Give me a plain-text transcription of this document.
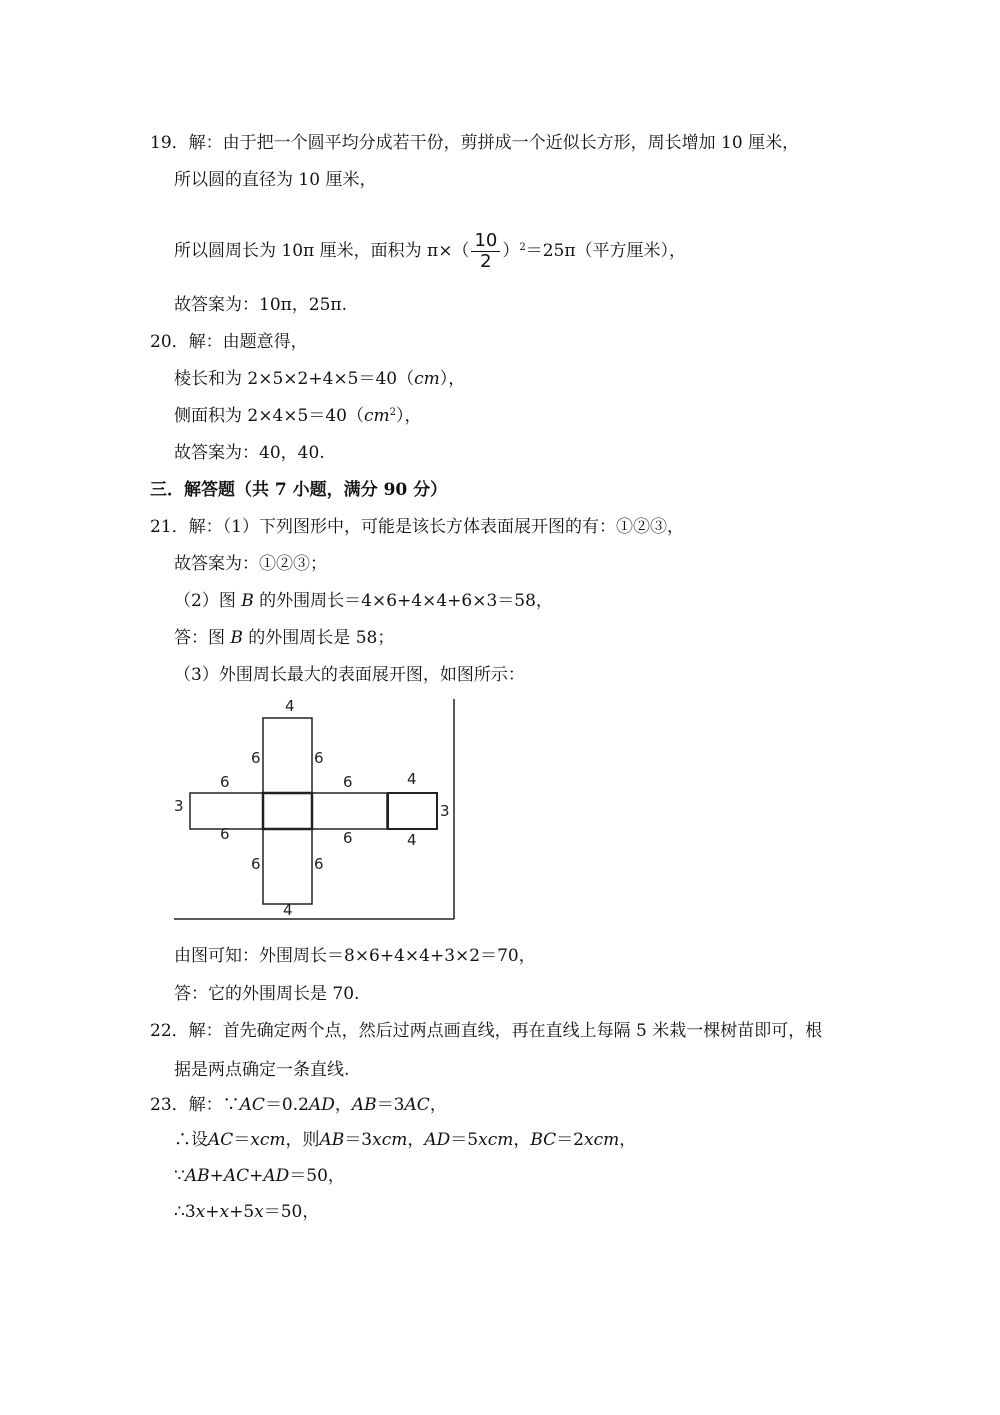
19．解：由于把一个圆平均分成若干份，剪拼成一个近似长方形，周长增加 10 厘米，
所以圆的直径为 10 厘米，
所以圆周长为 10π 厘米，面积为 $\pi\times( \frac{10}{2} )^2=25\pi$（平方厘米），
故答案为：10π，25π.
20．解：由题意得，
棱长和为 2×5×2+4×5＝40（cm），
侧面积为 $2\times 4\times 5=40(cm^2)$，
故答案为：40，40.
三．解答题（共 7 小题，满分 90 分）
21．解：（1）下列图形中，可能是该长方体表面展开图的有：①②③，
故答案为：①②③；
（2）图 B 的外围周长＝4×6+4×4+6×3＝58，
答：图 B 的外围周长是 58；
（3）外围周长最大的表面展开图，如图所示：
4
6	6
6	6	4
3	3
6	6	4
6	6
4
由图可知：外围周长＝8×6+4×4+3×2＝70，
答：它的外围周长是 70.
22．解：首先确定两个点，然后过两点画直线，再在直线上每隔 5 米栽一棵树苗即可，根
据是两点确定一条直线.
23．解：∵AC＝0.2AD，AB＝3AC，
∴设AC＝xcm，则AB＝3xcm，AD＝5xcm，BC＝2xcm，
∵AB+AC+AD＝50，
∴3x+x+5x＝50，
